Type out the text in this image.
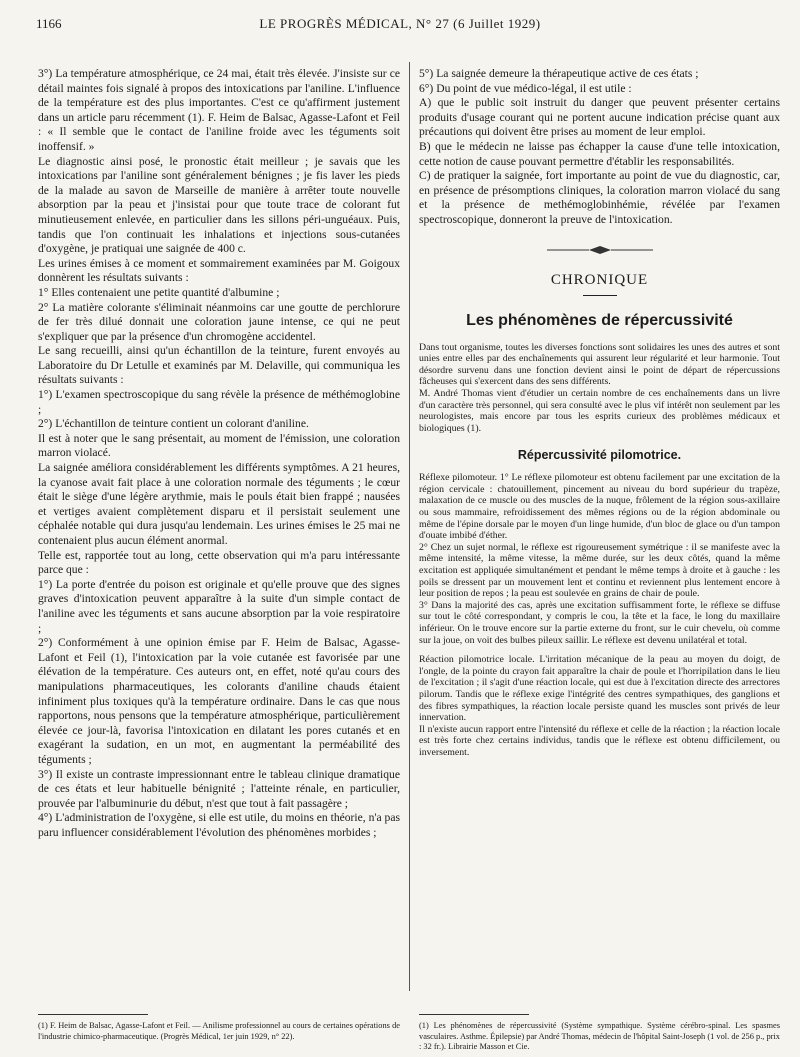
1166	LE PROGRÈS MÉDICAL, N° 27 (6 Juillet 1929)

3°) La température atmosphérique, ce 24 mai, était très élevée. J'insiste sur ce détail maintes fois signalé à propos des intoxications par l'aniline. L'influence de la température est des plus importantes. C'est ce qu'affirment justement dans un article paru récemment (1). F. Heim de Balsac, Agasse-Lafont et Feil : « Il semble que le contact de l'aniline froide avec les téguments soit inoffensif. »

Le diagnostic ainsi posé, le pronostic était meilleur ; je savais que les intoxications par l'aniline sont généralement bénignes ; je fis laver les pieds de la malade au savon de Marseille de manière à arrêter toute nouvelle absorption par la peau et j'insistai pour que toute trace de colorant fut minutieusement enlevée, en particulier dans les sillons péri-unguéaux. Puis, tandis que l'on continuait les inhalations et injections sous-cutanées d'oxygène, je pratiquai une saignée de 400 c.

Les urines émises à ce moment et sommairement examinées par M. Goigoux donnèrent les résultats suivants :

1° Elles contenaient une petite quantité d'albumine ;

2° La matière colorante s'éliminait néanmoins car une goutte de perchlorure de fer très dilué donnait une coloration jaune intense, ce qui ne peut s'expliquer que par la présence d'un chromogène accidentel.

Le sang recueilli, ainsi qu'un échantillon de la teinture, furent envoyés au Laboratoire du Dr Letulle et examinés par M. Delaville, qui communiqua les résultats suivants :

1°) L'examen spectroscopique du sang révèle la présence de méthémoglobine ;

2°) L'échantillon de teinture contient un colorant d'aniline.

Il est à noter que le sang présentait, au moment de l'émission, une coloration marron violacé.

La saignée améliora considérablement les différents symptômes. A 21 heures, la cyanose avait fait place à une coloration normale des téguments ; le cœur était le siège d'une légère arythmie, mais le pouls était bien frappé ; nausées et vertiges avaient complètement disparu et il persistait seulement une céphalée notable qui dura jusqu'au lendemain. Les urines émises le 25 mai ne contenaient plus aucun élément anormal.

Telle est, rapportée tout au long, cette observation qui m'a paru intéressante parce que :

1°) La porte d'entrée du poison est originale et qu'elle prouve que des signes graves d'intoxication peuvent apparaître à la suite d'un simple contact de l'aniline avec les téguments et sans aucune absorption par la voie respiratoire ;

2°) Conformément à une opinion émise par F. Heim de Balsac, Agasse-Lafont et Feil (1), l'intoxication par la voie cutanée est favorisée par une élévation de la température. Ces auteurs ont, en effet, noté qu'au cours des manipulations pharmaceutiques, les colorants d'aniline chauds étaient infiniment plus toxiques qu'à la température ordinaire. Dans le cas que nous rapportons, nous pensons que la température atmosphérique, particulièrement élevée ce jour-là, favorisa l'intoxication en dilatant les pores cutanés et en exagérant la sudation, en un mot, en augmentant la perméabilité des téguments ;

3°) Il existe un contraste impressionnant entre le tableau clinique dramatique de ces états et leur habituelle bénignité ; l'atteinte rénale, en particulier, prouvée par l'albuminurie du début, n'est que tout à fait passagère ;

4°) L'administration de l'oxygène, si elle est utile, du moins en théorie, n'a pas paru influencer considérablement l'évolution des phénomènes morbides ;

5°) La saignée demeure la thérapeutique active de ces états ;

6°) Du point de vue médico-légal, il est utile :

A) que le public soit instruit du danger que peuvent présenter certains produits d'usage courant qui ne portent aucune indication précise quant aux précautions qui doivent être prises au moment de leur emploi.

B) que le médecin ne laisse pas échapper la cause d'une telle intoxication, cette notion de cause pouvant permettre d'établir les responsabilités.

C) de pratiquer la saignée, fort importante au point de vue du diagnostic, car, en présence de présomptions cliniques, la coloration marron violacé du sang et la présence de methémoglobinhémie, révélée par l'examen spectroscopique, donneront la preuve de l'intoxication.

CHRONIQUE
Les phénomènes de répercussivité

Dans tout organisme, toutes les diverses fonctions sont solidaires les unes des autres et sont unies entre elles par des enchaînements qui assurent leur régularité et leur harmonie. Tout désordre survenu dans une fonction devient ainsi le point de départ de répercussions fâcheuses qui s'exercent dans des sens différents.

M. André Thomas vient d'étudier un certain nombre de ces enchaînements dans un livre d'un caractère très personnel, qui sera consulté avec le plus vif intérêt non seulement par les neurologistes, mais encore par tous les esprits curieux des problèmes médicaux et biologiques (1).

Répercussivité pilomotrice.

Réflexe pilomoteur. 1° Le réflexe pilomoteur est obtenu facilement par une excitation de la région cervicale : chatouillement, pincement au niveau du bord supérieur du trapèze, malaxation de ce muscle ou des muscles de la nuque, frôlement de la région sous-axillaire ou sous mammaire, refroidissement des mêmes régions ou de la région abdominale ou même de l'épine dorsale par le moyen d'un linge humide, d'un bloc de glace ou d'un tampon d'ouate imbibé d'éther.

2° Chez un sujet normal, le réflexe est rigoureusement symétrique : il se manifeste avec la même intensité, la même vitesse, la même durée, sur les deux côtés, quand la même excitation est appliquée simultanément et pendant le même temps à droite et à gauche : les poils se dressent par un mouvement lent et continu et reviennent plus lentement encore à leur position de repos ; la peau est soulevée en grains de chair de poule.

3° Dans la majorité des cas, après une excitation suffisamment forte, le réflexe se diffuse sur tout le côté correspondant, y compris le cou, la tête et la face, le long du maxillaire inférieur. On le trouve encore sur la partie externe du front, sur le cuir chevelu, où comme sur la joue, on voit des bulbes pileux saillir. Le réflexe est devenu unilatéral et total.

Réaction pilomotrice locale. L'irritation mécanique de la peau au moyen du doigt, de l'ongle, de la pointe du crayon fait apparaître la chair de poule et l'horripilation dans le lieu de l'excitation ; il s'agit d'une réaction locale, qui est due à l'excitation directe des arrectores pilorum. Tandis que le réflexe exige l'intégrité des centres sympathiques, des ganglions et des fibres sympathiques, la réaction locale persiste quand les muscles sont privés de leur innervation.

Il n'existe aucun rapport entre l'intensité du réflexe et celle de la réaction ; la réaction locale est très forte chez certains individus, tandis que le réflexe est obtenu difficilement, ou inversement.

(1) F. Heim de Balsac, Agasse-Lafont et Feil. — Anilisme professionnel au cours de certaines opérations de l'industrie chimico-pharmaceutique. (Progrès Médical, 1er juin 1929, n° 22).
(1) Les phénomènes de répercussivité (Système sympathique. Système cérébro-spinal. Les spasmes vasculaires. Asthme. Épilepsie) par André Thomas, médecin de l'hôpital Saint-Joseph (1 vol. de 256 p., prix : 32 fr.). Librairie Masson et Cie.
